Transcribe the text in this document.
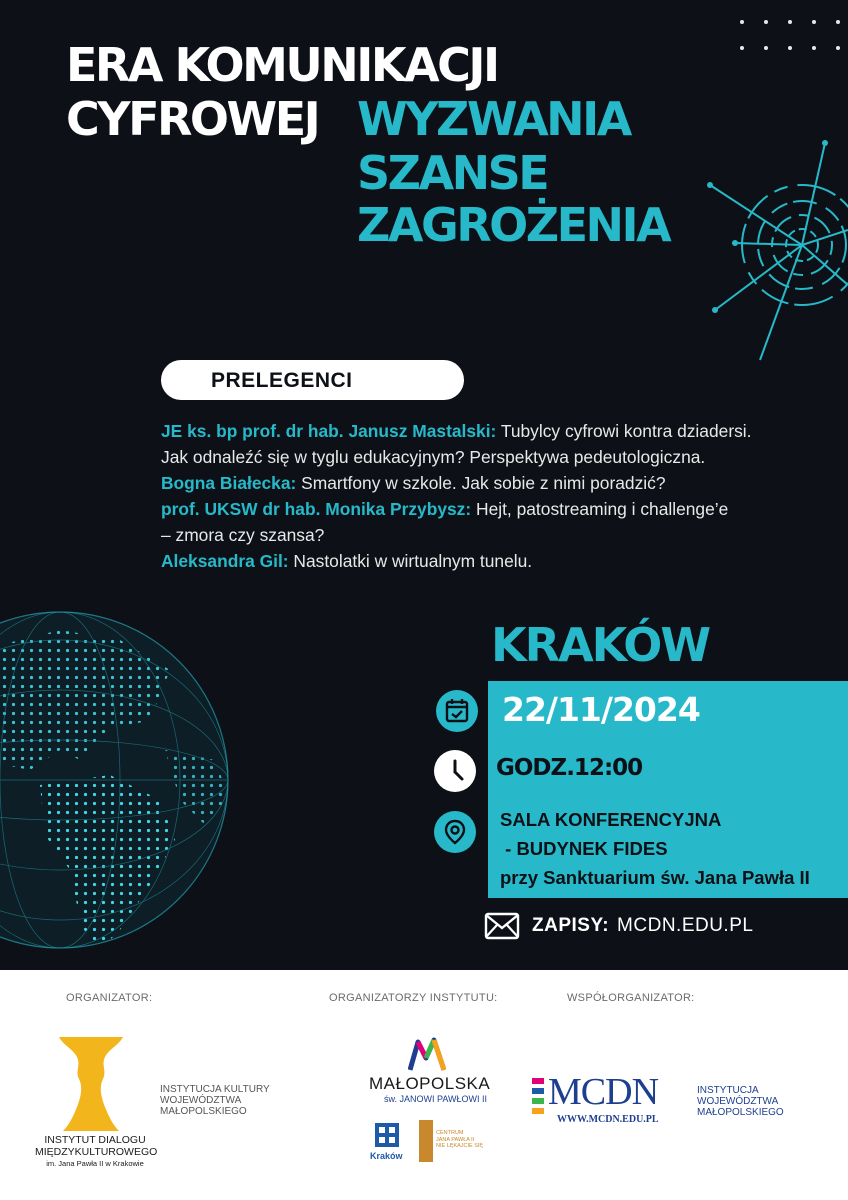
ERA KOMUNIKACJI
CYFROWEJ WYZWANIA
SZANSE
ZAGROŻENIA
PRELEGENCI
JE ks. bp prof. dr hab. Janusz Mastalski: Tubylcy cyfrowi kontra dziadersi.
Jak odnaleźć się w tyglu edukacyjnym? Perspektywa pedeutologiczna.
Bogna Białecka: Smartfony w szkole. Jak sobie z nimi poradzić?
prof. UKSW dr hab. Monika Przybysz: Hejt, patostreaming i challenge’e
– zmora czy szansa?
Aleksandra Gil: Nastolatki w wirtualnym tunelu.
KRAKÓW
22/11/2024
GODZ.12:00
SALA KONFERENCYJNA
- BUDYNEK FIDES
przy Sanktuarium św. Jana Pawła II
ZAPISY: MCDN.EDU.PL
ORGANIZATOR:	ORGANIZATORZY INSTYTUTU:	WSPÓŁORGANIZATOR:
INSTYTUT DIALOGU
MIĘDZYKULTUROWEGO
im. Jana Pawła II w Krakowie
INSTYTUCJA KULTURY
WOJEWÓDZTWA
MAŁOPOLSKIEGO
MAŁOPOLSKA
św. JANOWI PAWŁOWI II
Kraków
CENTRUM
JANA PAWŁA II
NIE LĘKAJCIE SIĘ
MCDN
WWW.MCDN.EDU.PL
INSTYTUCJA
WOJEWÓDZTWA
MAŁOPOLSKIEGO
